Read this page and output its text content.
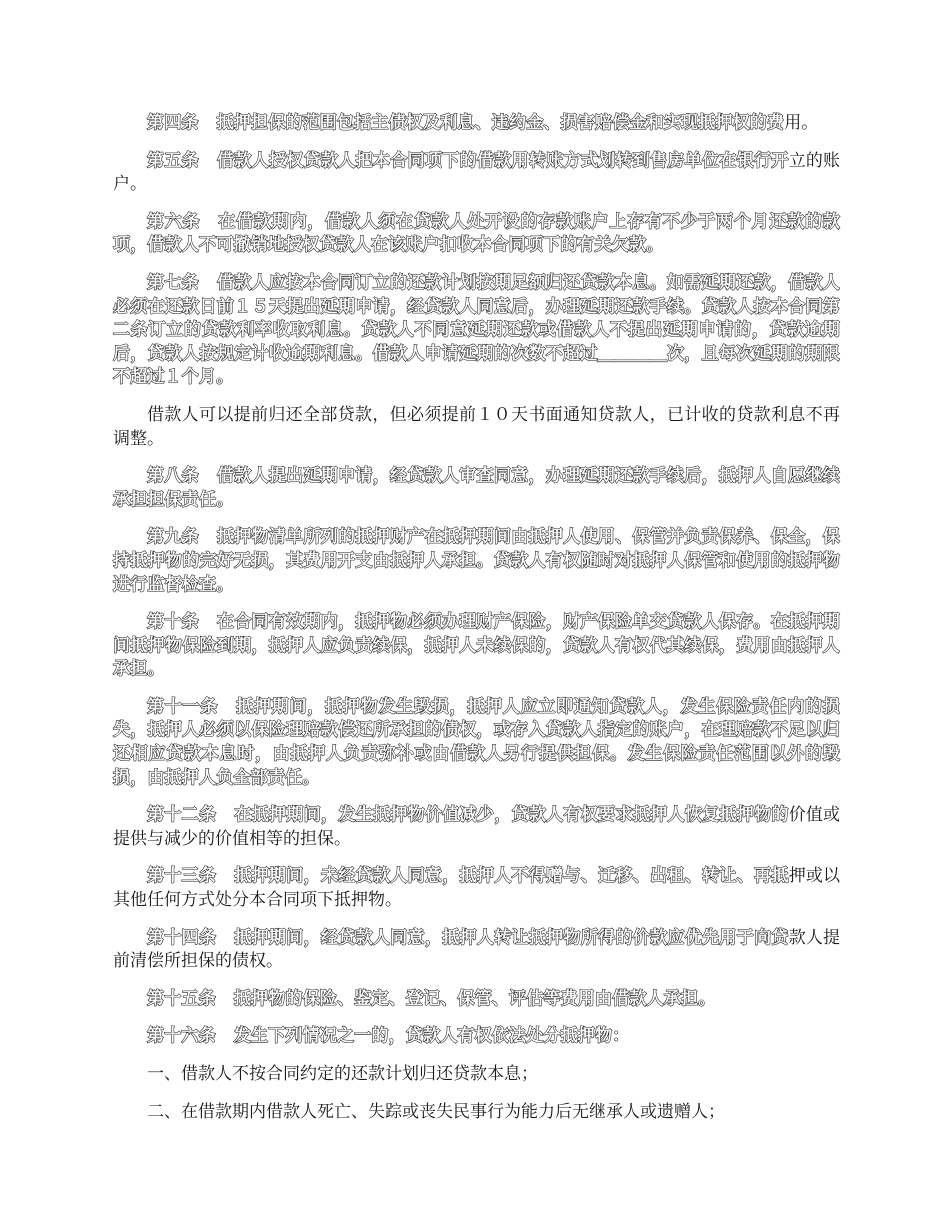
第四条 抵押担保的范围包括主债权及利息、违约金、损害赔偿金和实现抵押权的费用。

第五条 借款人授权贷款人把本合同项下的借款用转账方式划转到售房单位在银行开立的账户。

第六条 在借款期内，借款人须在贷款人处开设的存款账户上存有不少于两个月还款的款项，借款人不可撤销地授权贷款人在该账户扣收本合同项下的有关欠款。

第七条 借款人应按本合同订立的还款计划按期足额归还贷款本息。如需延期还款，借款人必须在还款日前１５天提出延期申请，经贷款人同意后，办理延期还款手续。贷款人按本合同第二条订立的贷款利率收取利息。贷款人不同意延期还款或借款人不提出延期申请的，贷款逾期后，贷款人按规定计收逾期利息。借款人申请延期的次数不超过＿＿＿＿次，且每次延期的期限不超过１个月。

借款人可以提前归还全部贷款，但必须提前１０天书面通知贷款人，已计收的贷款利息不再调整。

第八条 借款人提出延期申请，经贷款人审查同意，办理延期还款手续后，抵押人自愿继续承担担保责任。

第九条 抵押物清单所列的抵押财产在抵押期间由抵押人使用、保管并负责保养、保全，保持抵押物的完好无损，其费用开支由抵押人承担。贷款人有权随时对抵押人保管和使用的抵押物进行监督检查。

第十条 在合同有效期内，抵押物必须办理财产保险，财产保险单交贷款人保存。在抵押期间抵押物保险到期，抵押人应负责续保，抵押人未续保的，贷款人有权代其续保，费用由抵押人承担。

第十一条 抵押期间，抵押物发生毁损，抵押人应立即通知贷款人，发生保险责任内的损失，抵押人必须以保险理赔款偿还所承担的债权，或存入贷款人指定的账户，在理赔款不足以归还相应贷款本息时，由抵押人负责弥补或由借款人另行提供担保。发生保险责任范围以外的毁损，由抵押人负全部责任。

第十二条 在抵押期间，发生抵押物价值减少，贷款人有权要求抵押人恢复抵押物的价值或提供与减少的价值相等的担保。

第十三条 抵押期间，未经贷款人同意，抵押人不得赠与、迁移、出租、转让、再抵押或以其他任何方式处分本合同项下抵押物。

第十四条 抵押期间，经贷款人同意，抵押人转让抵押物所得的价款应优先用于向贷款人提前清偿所担保的债权。

第十五条 抵押物的保险、鉴定、登记、保管、评估等费用由借款人承担。

第十六条 发生下列情况之一的，贷款人有权依法处分抵押物：

一、借款人不按合同约定的还款计划归还贷款本息；

二、在借款期内借款人死亡、失踪或丧失民事行为能力后无继承人或遗赠人；
